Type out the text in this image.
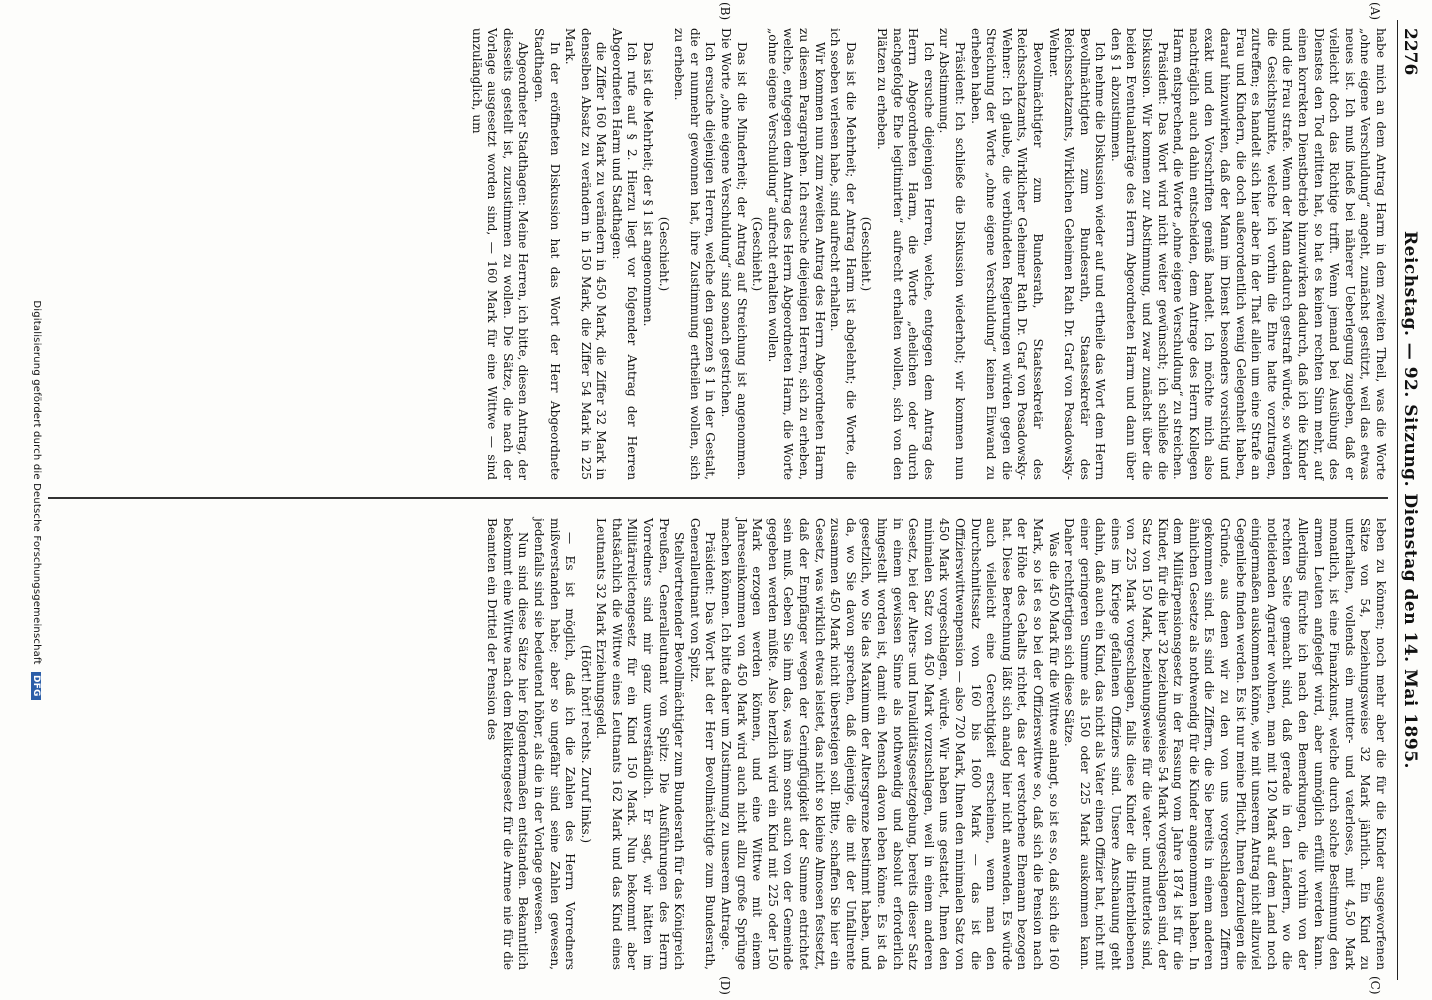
2276
Reichstag. — 92. Sitzung. Dienstag den 14. Mai 1895.
(A)
(B)
(C)
(D)

habe mich an dem Antrag Harm in dem zweiten Theil, was die Worte „ohne eigene Verschuldung“ angeht, zunächst gestützt, weil das etwas neues ist. Ich muß indeß bei näherer Ueberlegung zugeben, daß er vielleicht doch das Richtige trifft. Wenn jemand bei Ausübung des Dienstes den Tod erlitten hat, so hat es keinen rechten Sinn mehr, auf einen korrekten Dienstbetrieb hinzuwirken dadurch, daß ich die Kinder und die Frau strafe. Wenn der Mann dadurch gestraft würde, so würden die Gesichtspunkte, welche ich vorhin die Ehre hatte vorzutragen, zutreffen; es handelt sich hier aber in der That allein um eine Strafe an Frau und Kindern, die doch außerordentlich wenig Gelegenheit haben, darauf hinzuwirken, daß der Mann im Dienst besonders vorsichtig und exakt und den Vorschriften gemäß handelt. Ich möchte mich also nachträglich auch dahin entscheiden, dem Antrage des Herrn Kollegen Harm entsprechend, die Worte „ohne eigene Verschuldung“ zu streichen.

Präsident: Das Wort wird nicht weiter gewünscht; ich schließe die Diskussion. Wir kommen zur Abstimmung, und zwar zunächst über die beiden Eventualanträge des Herrn Abgeordneten Harm und dann über den § 1 abzustimmen.

Ich nehme die Diskussion wieder auf und ertheile das Wort dem Herrn Bevollmächtigten zum Bundesrath, Staatssekretär des Reichsschatzamts, Wirklichen Geheimen Rath Dr. Graf von Posadowsky-Wehner.

Bevollmächtigter zum Bundesrath, Staatssekretär des Reichsschatzamts, Wirklicher Geheimer Rath Dr. Graf von Posadowsky-Wehner: Ich glaube, die verbündeten Regierungen würden gegen die Streichung der Worte „ohne eigene Verschuldung“ keinen Einwand zu erheben haben.

Präsident: Ich schließe die Diskussion wiederholt; wir kommen nun zur Abstimmung.

Ich ersuche diejenigen Herren, welche, entgegen dem Antrag des Herrn Abgeordneten Harm, die Worte „ehelichen oder durch nachgefolgte Ehe legitimirten“ aufrecht erhalten wollen, sich von den Plätzen zu erheben.

(Geschieht.)

Das ist die Mehrheit; der Antrag Harm ist abgelehnt; die Worte, die ich soeben verlesen habe, sind aufrecht erhalten.

Wir kommen nun zum zweiten Antrag des Herrn Abgeordneten Harm zu diesem Paragraphen. Ich ersuche diejenigen Herren, sich zu erheben, welche, entgegen dem Antrag des Herrn Abgeordneten Harm, die Worte „ohne eigene Verschuldung“ aufrecht erhalten wollen.

(Geschieht.)

Das ist die Minderheit; der Antrag auf Streichung ist angenommen. Die Worte „ohne eigene Verschuldung“ sind sonach gestrichen.

Ich ersuche diejenigen Herren, welche den ganzen § 1 in der Gestalt, die er nunmehr gewonnen hat, ihre Zustimmung ertheilen wollen, sich zu erheben.

(Geschieht.)

Das ist die Mehrheit; der § 1 ist angenommen.

Ich rufe auf § 2. Hierzu liegt vor folgender Antrag der Herren Abgeordneten Harm und Stadthagen:

die Ziffer 160 Mark zu verändern in 450 Mark, die Ziffer 32 Mark in denselben Absatz zu verändern in 150 Mark, die Ziffer 54 Mark in 225 Mark.

In der eröffneten Diskussion hat das Wort der Herr Abgeordnete Stadthagen.

Abgeordneter Stadthagen: Meine Herren, ich bitte, diesen Antrag, der diesseits gestellt ist, zuzustimmen zu wollen. Die Sätze, die nach der Vorlage ausgesetzt worden sind, — 160 Mark für eine Wittwe — sind unzulänglich, um

leben zu können; noch mehr aber die für die Kinder ausgeworfenen Sätze von 54, beziehungsweise 32 Mark jährlich. Ein Kind zu unterhalten, vollends ein mutter- und vaterloses, mit 4,50 Mark monatlich, ist eine Finanzkunst, welche durch solche Bestimmung den armen Leuten anfgelegt wird, aber unmöglich erfüllt werden kann. Allerdings fürchte ich nach den Bemerkungen, die vorhin von der rechten Seite gemacht sind, daß gerade in den Ländern, wo die notleidenden Agrarier wohnen, man mit 120 Mark auf dem Land noch einigermaßen auskommen könne, wie mit unserem Antrag nicht allzuviel Gegenliebe finden werden. Es ist nur meine Pflicht, Ihnen darzulegen die Gründe, aus denen wir zu den von uns vorgeschlagenen Ziffern gekommen sind. Es sind die Ziffern, die Sie bereits in einem anderen ähnlichen Gesetze als nothwendig für die Kinder angenommen haben. In dem Militärpensionsgesetz in der Fassung vom Jahre 1874 ist für die Kinder, für die hier 32 beziehungsweise 54 Mark vorgeschlagen sind, der Satz von 150 Mark, beziehungsweise für die vater- und mutterlos sind, von 225 Mark vorgeschlagen, falls diese Kinder die Hinterbliebenen eines im Kriege gefallenen Offiziers sind. Unsere Anschauung geht dahin, daß auch ein Kind, das nicht als Vater einen Offizier hat, nicht mit einer geringeren Summe als 150 oder 225 Mark auskommen kann. Daher rechtfertigen sich diese Sätze.

Was die 450 Mark für die Wittwe anlangt, so ist es so, daß sich die 160 Mark, so ist es so bei der Offizierswittwe so, daß sich die Pension nach der Höhe des Gehalts richtet, das der verstorbene Ehemann bezogen hat. Diese Berechnung läßt sich analog hier nicht anwenden. Es würde auch vielleicht eine Gerechtigkeit erscheinen, wenn man den Durchschnittssatz von 160 bis 1600 Mark — das ist die Offizierswittwenpension — also 720 Mark, Ihnen den minimalen Satz von 450 Mark vorgeschlagen, würde. Wir haben uns gestattet, Ihnen den minimalen Satz von 450 Mark vorzuschlagen, weil in einem anderen Gesetz, bei der Alters- und Invaliditätsgesetzgebung, bereits dieser Satz in einem gewissen Sinne als nothwendig und absolut erforderlich hingestellt worden ist, damit ein Mensch davon leben könne. Es ist da gesetzlich, wo Sie das Maximum der Altersgrenze bestimmt haben, und da, wo Sie davon sprechen, daß diejenige, die mit der Unfallrente zusammen 450 Mark nicht übersteigen soll. Bitte, schaffen Sie hier ein Gesetz, was wirklich etwas leistet, das nicht so kleine Almosen festsetzt, daß der Empfänger wegen der Geringfügigkeit der Summe entrichtet sein muß. Geben Sie ihm das, was ihm sonst auch von der Gemeinde gegeben werden müßte. Also herzlich wird ein Kind mit 225 oder 150 Mark erzogen werden können, und eine Wittwe mit einem Jahreseinkommen von 450 Mark wird auch nicht allzu große Sprünge machen können. Ich bitte daher um Zustimmung zu unserem Antrage.

Präsident: Das Wort hat der Herr Bevollmächtigte zum Bundesrath, Generalleutnant von Spitz.

Stellvertretender Bevollmächtigter zum Bundesrath für das Königreich Preußen, Generalleutnant von Spitz: Die Ausführungen des Herrn Vorredners sind mir ganz unverständlich. Er sagt, wir hätten im Militärrelictengesetz für ein Kind 150 Mark. Nun bekommt aber thatsächlich die Wittwe eines Leutnants 162 Mark und das Kind eines Leutnants 32 Mark Erziehungsgeld.

(Hört! hört! rechts. Zuruf links.)

— Es ist möglich, daß ich die Zahlen des Herrn Vorredners mißverstanden habe; aber so ungefähr sind seine Zahlen gewesen, jedenfalls sind sie bedeutend höher, als die in der Vorlage gewesen.

Nun sind diese Sätze hier folgendermaßen entstanden. Bekanntlich bekommt eine Wittwe nach dem Reliktengesetz für die Armee nie für die Beamten ein Drittel der Pension des

Digitalisierung gefördert durch die Deutsche Forschungsgemeinschaft DFG
